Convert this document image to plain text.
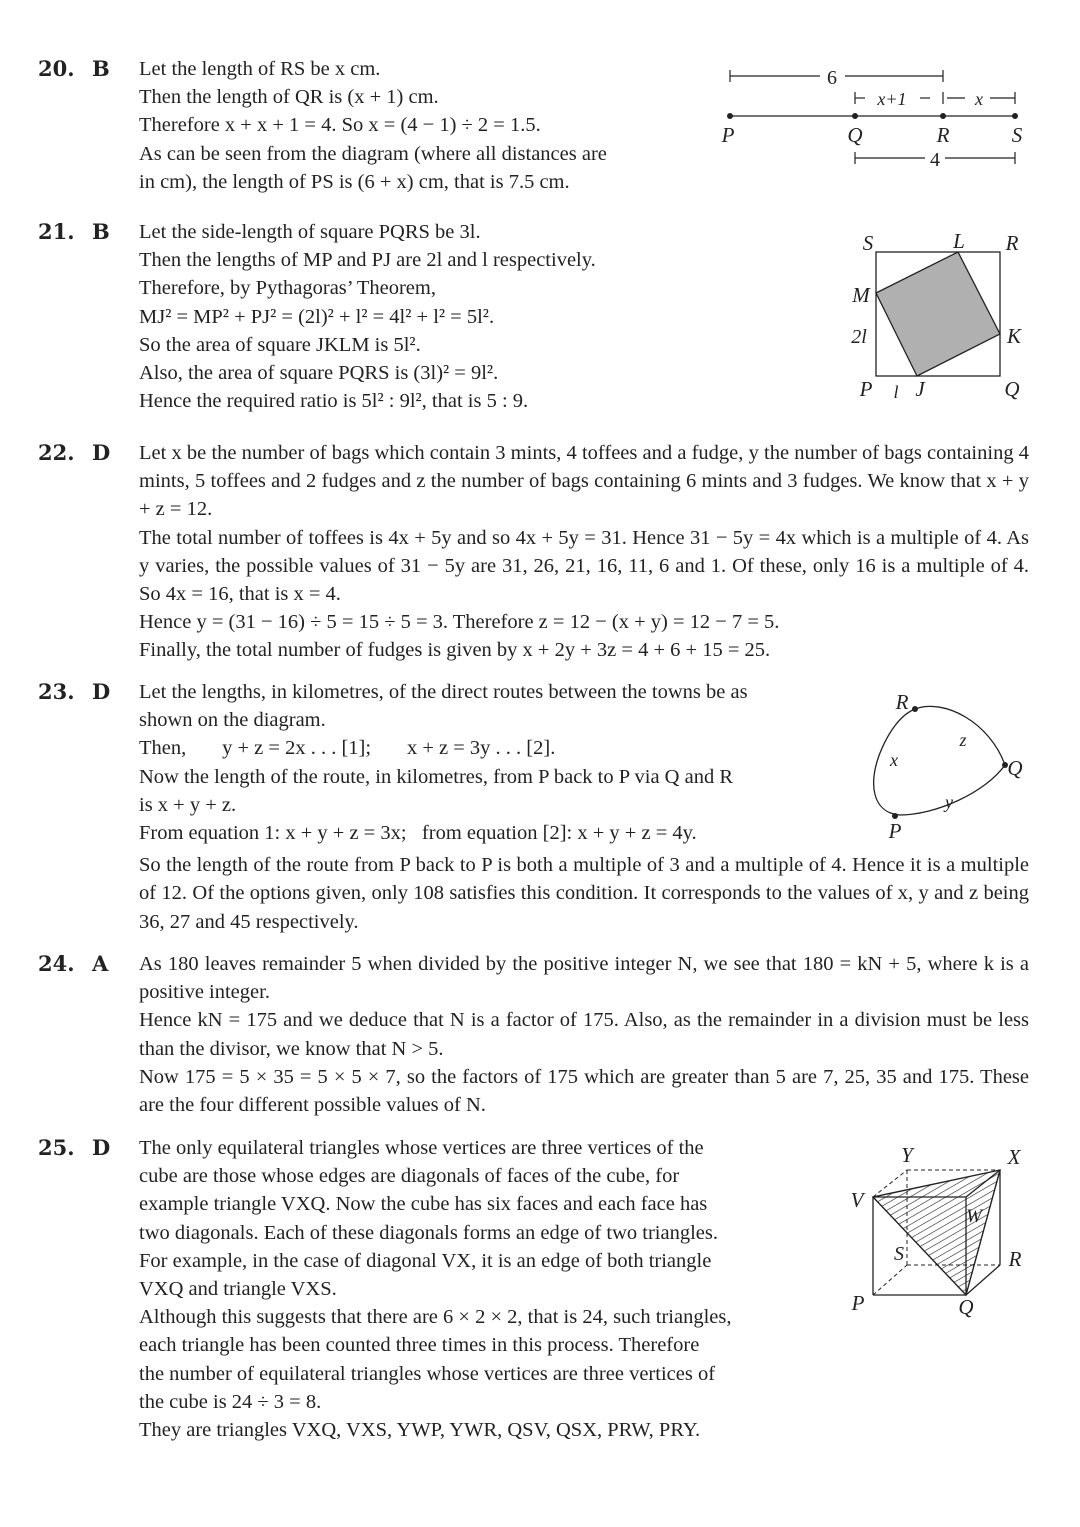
20. B Let the length of RS be x cm.
Then the length of QR is (x + 1) cm.
Therefore x + x + 1 = 4. So x = (4 − 1) ÷ 2 = 1.5.
As can be seen from the diagram (where all distances are
in cm), the length of PS is (6 + x) cm, that is 7.5 cm.
6
x+1	x
4
P	Q	R	S
21. B Let the side-length of square PQRS be 3l.
Then the lengths of MP and PJ are 2l and l respectively.
Therefore, by Pythagoras’ Theorem,
MJ² = MP² + PJ² = (2l)² + l² = 4l² + l² = 5l².
So the area of square JKLM is 5l².
Also, the area of square PQRS is (3l)² = 9l².
Hence the required ratio is 5l² : 9l², that is 5 : 9.
S	L R
M
K
P J	Q
2l
l
22. D Let x be the number of bags which contain 3 mints, 4 toffees and a fudge, y the number of bags containing 4 mints, 5 toffees and 2 fudges and z the number of bags containing 6 mints and 3 fudges. We know that x + y + z = 12.
The total number of toffees is 4x + 5y and so 4x + 5y = 31. Hence 31 − 5y = 4x which is a multiple of 4. As y varies, the possible values of 31 − 5y are 31, 26, 21, 16, 11, 6 and 1. Of these, only 16 is a multiple of 4. So 4x = 16, that is x = 4.
Hence y = (31 − 16) ÷ 5 = 15 ÷ 5 = 3. Therefore z = 12 − (x + y) = 12 − 7 = 5.
Finally, the total number of fudges is given by x + 2y + 3z = 4 + 6 + 15 = 25.
23. D Let the lengths, in kilometres, of the direct routes between the towns be as
shown on the diagram.
Then,       y + z = 2x . . . [1];       x + z = 3y . . . [2].
Now the length of the route, in kilometres, from P back to P via Q and R
is x + y + z.
From equation 1: x + y + z = 3x;   from equation [2]: x + y + z = 4y.
So the length of the route from P back to P is both a multiple of 3 and a multiple of 4. Hence it is a multiple of 12. Of the options given, only 108 satisfies this condition. It corresponds to the values of x, y and z being 36, 27 and 45 respectively.
R
Q
P
x
y
z
24. A As 180 leaves remainder 5 when divided by the positive integer N, we see that 180 = kN + 5, where k is a positive integer.
Hence kN = 175 and we deduce that N is a factor of 175. Also, as the remainder in a division must be less than the divisor, we know that N > 5.
Now 175 = 5 × 35 = 5 × 5 × 7, so the factors of 175 which are greater than 5 are 7, 25, 35 and 175. These are the four different possible values of N.
25. D The only equilateral triangles whose vertices are three vertices of the
cube are those whose edges are diagonals of faces of the cube, for
example triangle VXQ. Now the cube has six faces and each face has
two diagonals. Each of these diagonals forms an edge of two triangles.
For example, in the case of diagonal VX, it is an edge of both triangle
VXQ and triangle VXS.
Although this suggests that there are 6 × 2 × 2, that is 24, such triangles,
each triangle has been counted three times in this process. Therefore
the number of equilateral triangles whose vertices are three vertices of
the cube is 24 ÷ 3 = 8.
They are triangles VXQ, VXS, YWP, YWR, QSV, QSX, PRW, PRY.
Y	X
V
W
S	R
P	Q
